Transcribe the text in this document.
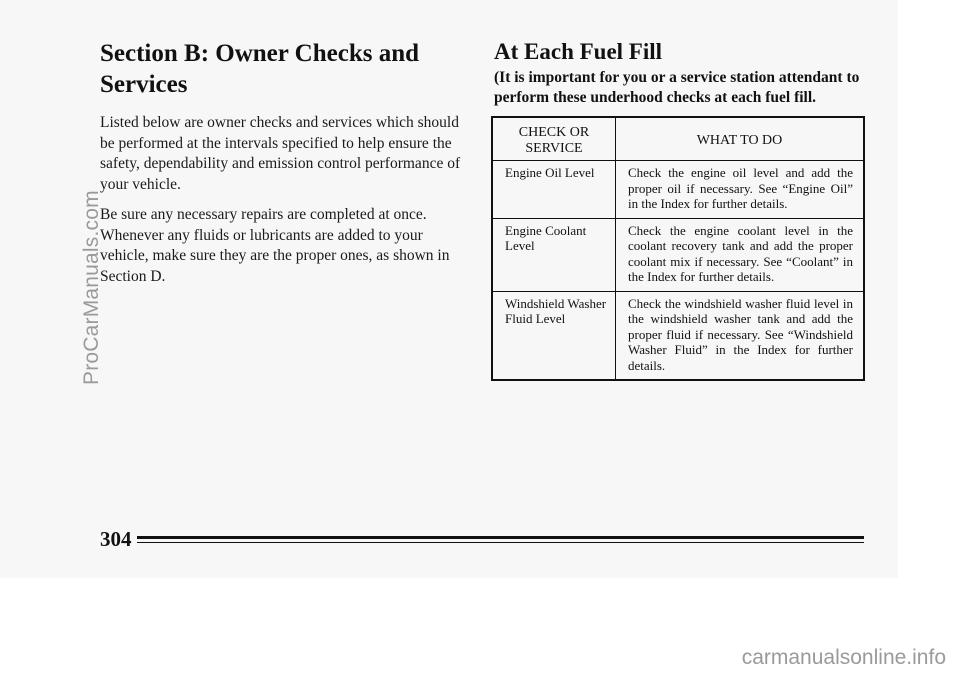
Section B: Owner Checks and Services

Listed below are owner checks and services which should be performed at the intervals specified to help ensure the safety, dependability and emission control performance of your vehicle.

Be sure any necessary repairs are completed at once. Whenever any fluids or lubricants are added to your vehicle, make sure they are the proper ones, as shown in Section D.

At Each Fuel Fill

(It is important for you or a service station attendant to perform these underhood checks at each fuel fill.

CHECK OR SERVICE	WHAT TO DO
Engine Oil Level	Check the engine oil level and add the proper oil if necessary. See “Engine Oil” in the Index for further details.
Engine Coolant Level	Check the engine coolant level in the coolant recovery tank and add the proper coolant mix if necessary. See “Coolant” in the Index for further details.
Windshield Washer Fluid Level	Check the windshield washer fluid level in the windshield washer tank and add the proper fluid if necessary. See “Windshield Washer Fluid” in the Index for further details.
ProCarManuals.com
304
carmanualsonline.info
